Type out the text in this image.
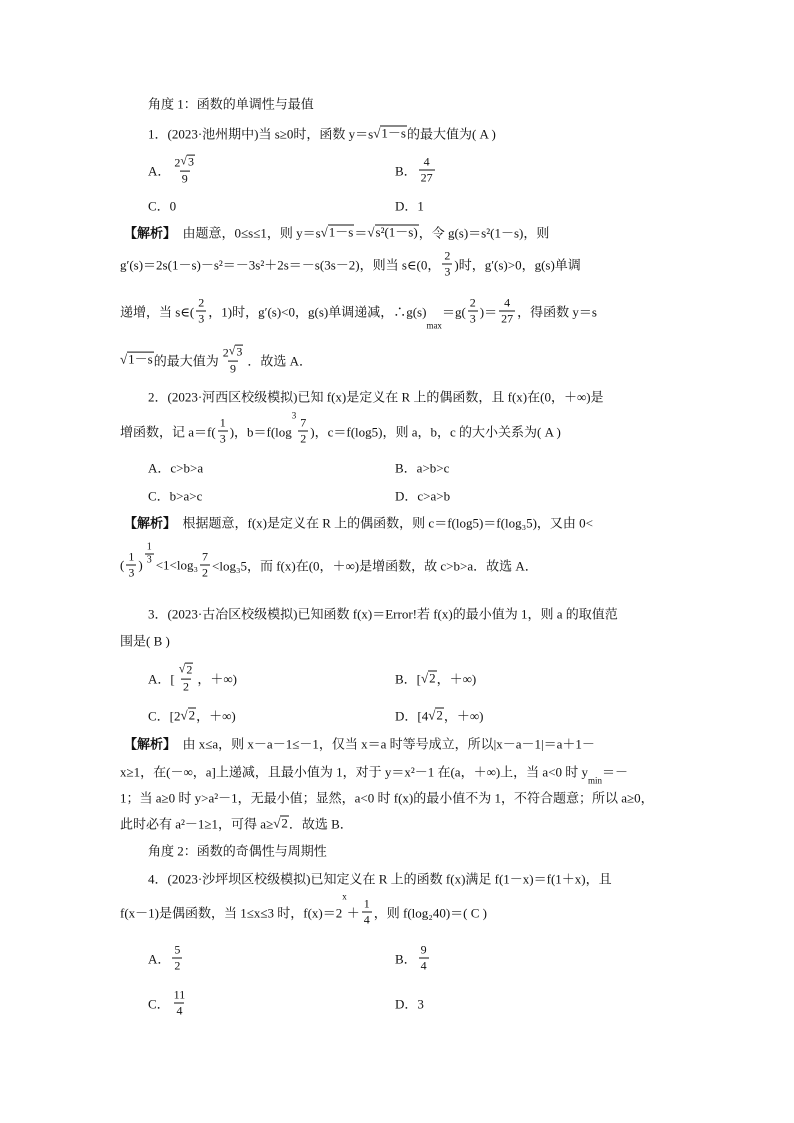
角度 1：函数的单调性与最值
1．(2023·池州期中)当 s≥0时，函数 y＝s
√ 1－s 的最大值为( A )
A． 2
√ 3
9	B． $\frac{4}{27}$
C．0	D．1
【解析】 由题意，0≤s≤1，则 y＝s
√ 1－s ＝
√ s²(1－s) ，令 g(s)＝s²(1－s)，则
g′(s)＝2s(1－s)－s²＝－3s²＋2s＝－s(3s－2)，则当 s∈(0， $\frac{2}{3}$ )时，g′(s)>0，g(s)单调
递增，当 s∈( $\frac{2}{3}$ ，1)时，g′(s)<0，g(s)单调递减，∴g(s)
max
$=g( \frac{2}{3}$ )＝ $\frac{4}{27}$ ，得函数 y＝s
√ 1－s 的最大值为 2
√ 3
9 ．故选 A．
2．(2023·河西区校级模拟)已知 f(x)是定义在 R 上的偶函数，且 f(x)在(0，＋∞)是
增函数，记 $a=f( \frac{1}{3}$ )，b＝f(log
3
$\frac{7}{2}$ )，c＝f(log5)，则 a，b，c 的大小关系为( A )
A．c>b>a	B．a>b>c
C．b>a>c	D．c>a>b
【解析】 根据题意，f(x)是定义在 R 上的偶函数，则 c＝f(log5)＝f(log₃5)，又由 0<
( $\frac{1}{3}$ ) $\frac{1}{3} <1<\log_3 \frac{7}{2} <\log_35$，而 f(x)在(0，＋∞)是增函数，故 c>b>a．故选 A．
3．(2023·古冶区校级模拟)已知函数 f(x)＝Error!若 f(x)的最小值为 1，则 a 的取值范
围是( B )
A．[
√ $\frac{2}{2}$ ，＋∞)	B．[
√ 2 ，＋∞)
C．[2
√ 2 ，＋∞)	D．[4
√ 2 ，＋∞)
【解析】 由 x≤a，则 x－a－1≤－1，仅当 x＝a 时等号成立，所以|x－a－1|＝a＋1－
x≥1，在(－∞，a]上递减，且最小值为 1，对于 y＝x²－1 在(a，＋∞)上，当 a<0 时 y
min
＝－
1；当 a≥0 时 y>a²－1，无最小值；显然，a<0 时 f(x)的最小值不为 1，不符合题意；所以 a≥0，
此时必有 a²－1≥1，可得 a≥
√ 2 ．故选 B．
角度 2：函数的奇偶性与周期性
4．(2023·沙坪坝区校级模拟)已知定义在 R 上的函数 f(x)满足 f(1－x)＝f(1＋x)，且
f(x－1)是偶函数，当 1≤x≤3 时，f(x)＝2
x
＋ $\frac{1}{4}$ ，则 f(log₂40)＝( C )
A． $\frac{5}{2}$	B． $\frac{9}{4}$
C． $\frac{11}{4}$	D．3
